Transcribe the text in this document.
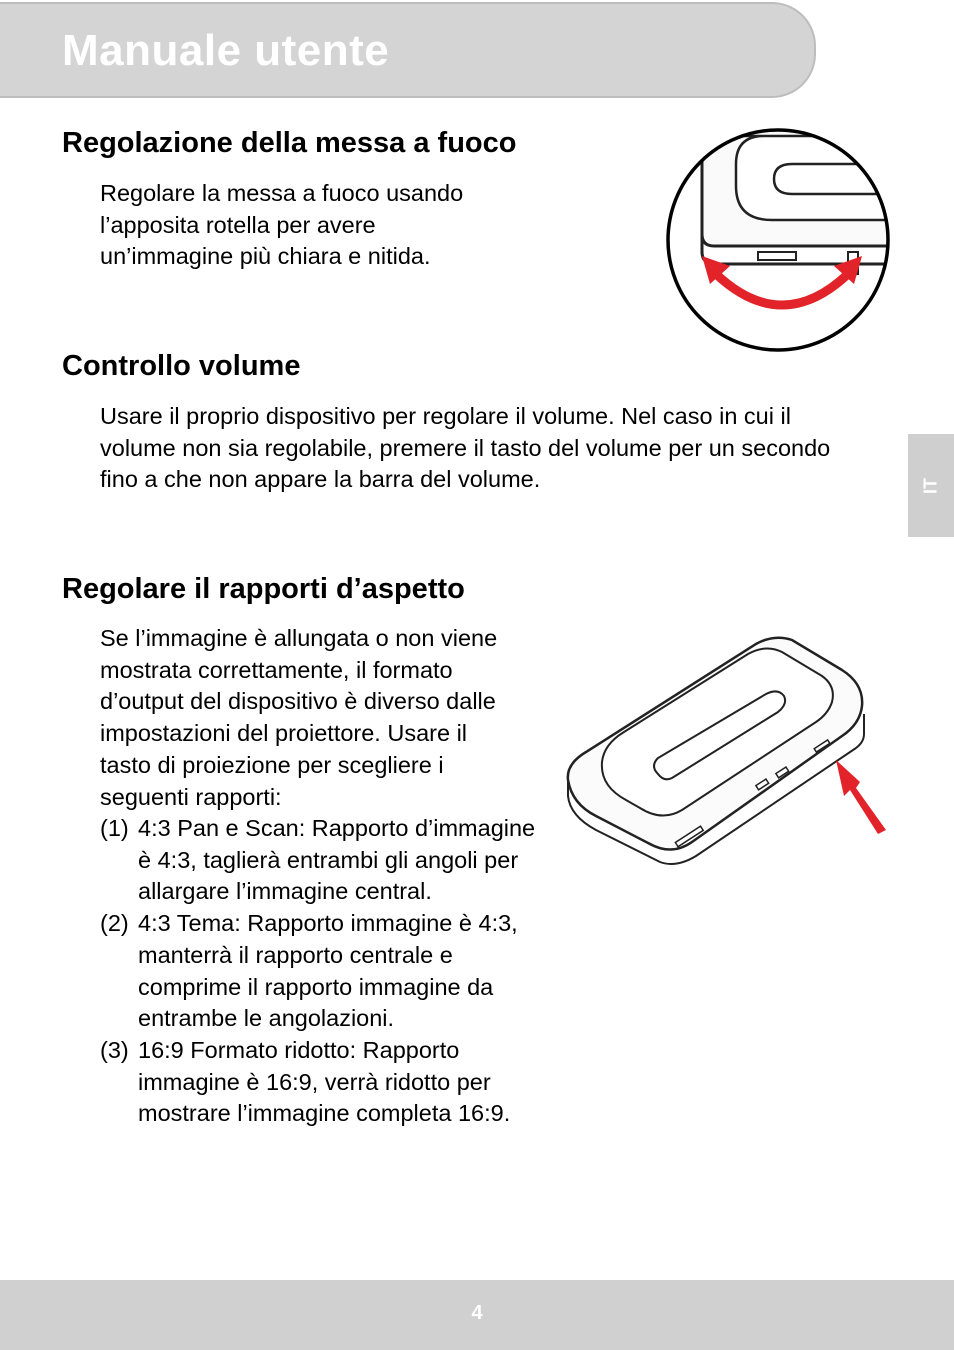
Manuale utente
Regolazione della messa a fuoco
Regolare la messa a fuoco usando
l’apposita rotella per avere
un’immagine più chiara e nitida.
Controllo volume
Usare il proprio dispositivo per regolare il volume. Nel caso in cui il
volume non sia regolabile, premere il tasto del volume per un secondo
fino a che non appare la barra del volume.	IT
Regolare il rapporti d’aspetto
Se l’immagine è allungata o non viene
mostrata correttamente, il formato
d’output del dispositivo è diverso dalle
impostazioni del proiettore. Usare il
tasto di proiezione per scegliere i
seguenti rapporti:
(1) 4:3 Pan e Scan: Rapporto d’immagine è 4:3, taglierà entrambi gli angoli per allargare l’immagine central.
(2) 4:3 Tema: Rapporto immagine è 4:3, manterrà il rapporto centrale e comprime il rapporto immagine da entrambe le angolazioni.
(3) 16:9 Formato ridotto: Rapporto immagine è 16:9, verrà ridotto per mostrare l’immagine completa 16:9.
4
